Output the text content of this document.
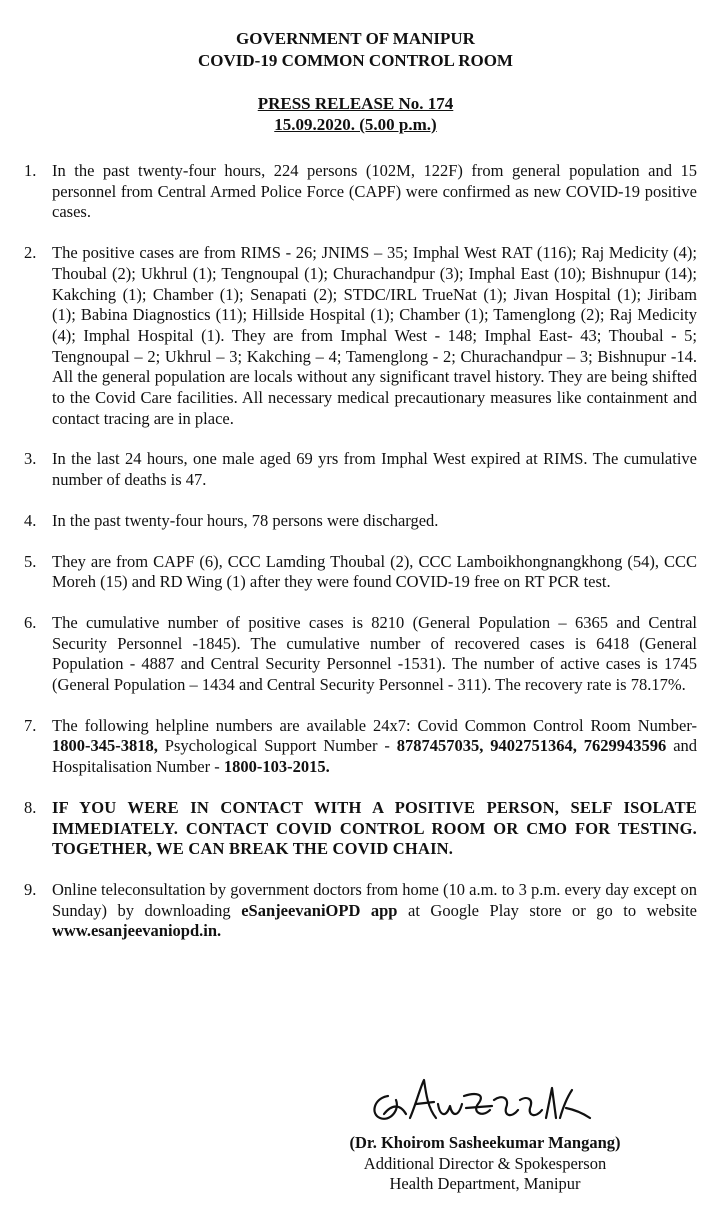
GOVERNMENT OF MANIPUR
COVID-19 COMMON CONTROL ROOM
PRESS RELEASE No. 174
15.09.2020. (5.00 p.m.)
1. In the past twenty-four hours, 224 persons (102M, 122F) from general population and 15 personnel from Central Armed Police Force (CAPF) were confirmed as new COVID-19 positive cases.
2. The positive cases are from RIMS - 26; JNIMS – 35; Imphal West RAT (116); Raj Medicity (4); Thoubal (2); Ukhrul (1); Tengnoupal (1); Churachandpur (3); Imphal East (10); Bishnupur (14); Kakching (1); Chamber (1); Senapati (2); STDC/IRL TrueNat (1); Jivan Hospital (1); Jiribam (1); Babina Diagnostics (11); Hillside Hospital (1); Chamber (1); Tamenglong (2); Raj Medicity (4); Imphal Hospital (1). They are from Imphal West - 148; Imphal East- 43; Thoubal - 5; Tengnoupal – 2; Ukhrul – 3; Kakching – 4; Tamenglong - 2; Churachandpur – 3; Bishnupur -14. All the general population are locals without any significant travel history. They are being shifted to the Covid Care facilities. All necessary medical precautionary measures like containment and contact tracing are in place.
3. In the last 24 hours, one male aged 69 yrs from Imphal West expired at RIMS. The cumulative number of deaths is 47.
4. In the past twenty-four hours, 78 persons were discharged.
5. They are from CAPF (6), CCC Lamding Thoubal (2), CCC Lamboikhongnangkhong (54), CCC Moreh (15) and RD Wing (1) after they were found COVID-19 free on RT PCR test.
6. The cumulative number of positive cases is 8210 (General Population – 6365 and Central Security Personnel -1845). The cumulative number of recovered cases is 6418 (General Population - 4887 and Central Security Personnel -1531). The number of active cases is 1745 (General Population – 1434 and Central Security Personnel - 311). The recovery rate is 78.17%.
7. The following helpline numbers are available 24x7: Covid Common Control Room Number-1800-345-3818, Psychological Support Number - 8787457035, 9402751364, 7629943596 and Hospitalisation Number - 1800-103-2015.
8. IF YOU WERE IN CONTACT WITH A POSITIVE PERSON, SELF ISOLATE IMMEDIATELY. CONTACT COVID CONTROL ROOM OR CMO FOR TESTING. TOGETHER, WE CAN BREAK THE COVID CHAIN.
9. Online teleconsultation by government doctors from home (10 a.m. to 3 p.m. every day except on Sunday) by downloading eSanjeevaniOPD app at Google Play store or go to website www.esanjeevaniopd.in.
(Dr. Khoirom Sasheekumar Mangang)
Additional Director & Spokesperson
Health Department, Manipur
